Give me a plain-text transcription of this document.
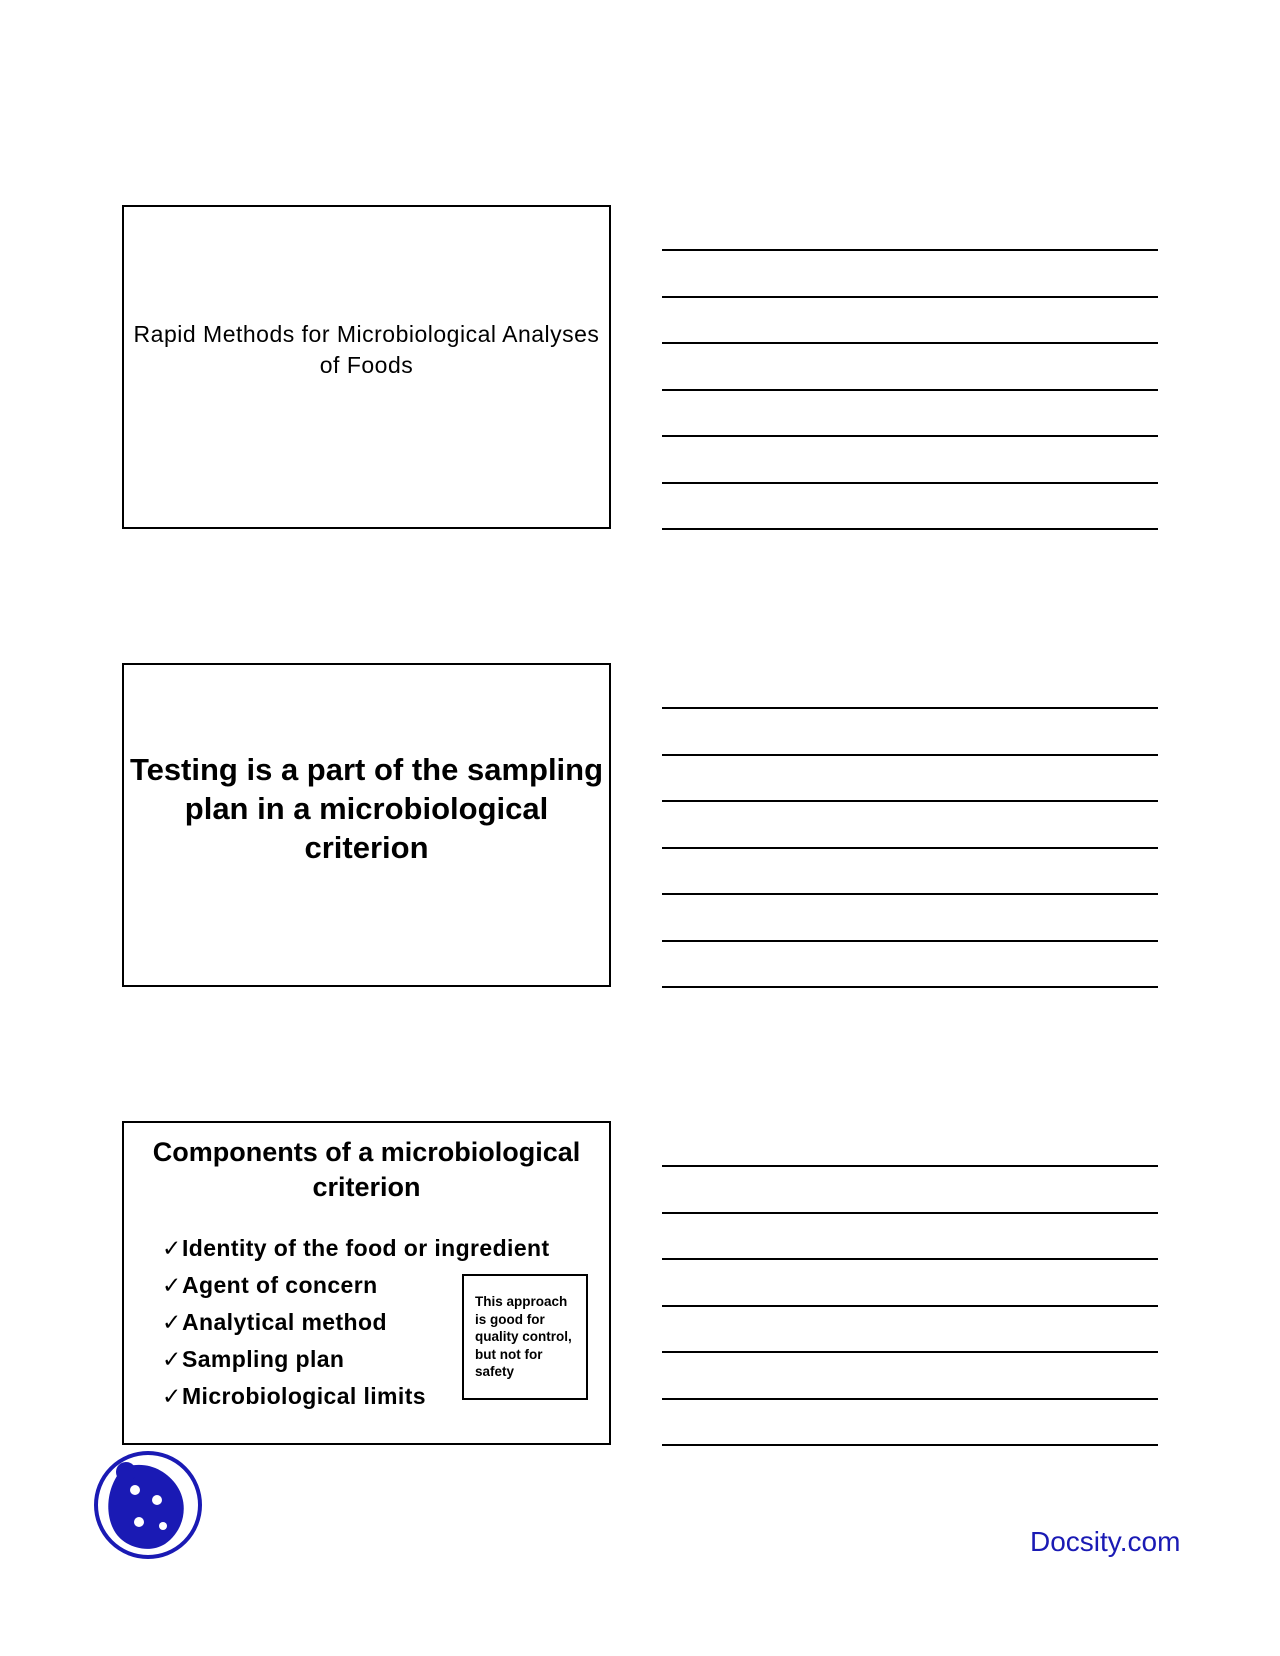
Rapid Methods for Microbiological Analyses of Foods
Testing is a part of the sampling plan in a microbiological criterion
Components of a microbiological criterion
✓Identity of the food or ingredient
✓Agent of concern
✓Analytical method
✓Sampling plan
✓Microbiological limits
This approach is good for quality control, but not for safety
Docsity.com
